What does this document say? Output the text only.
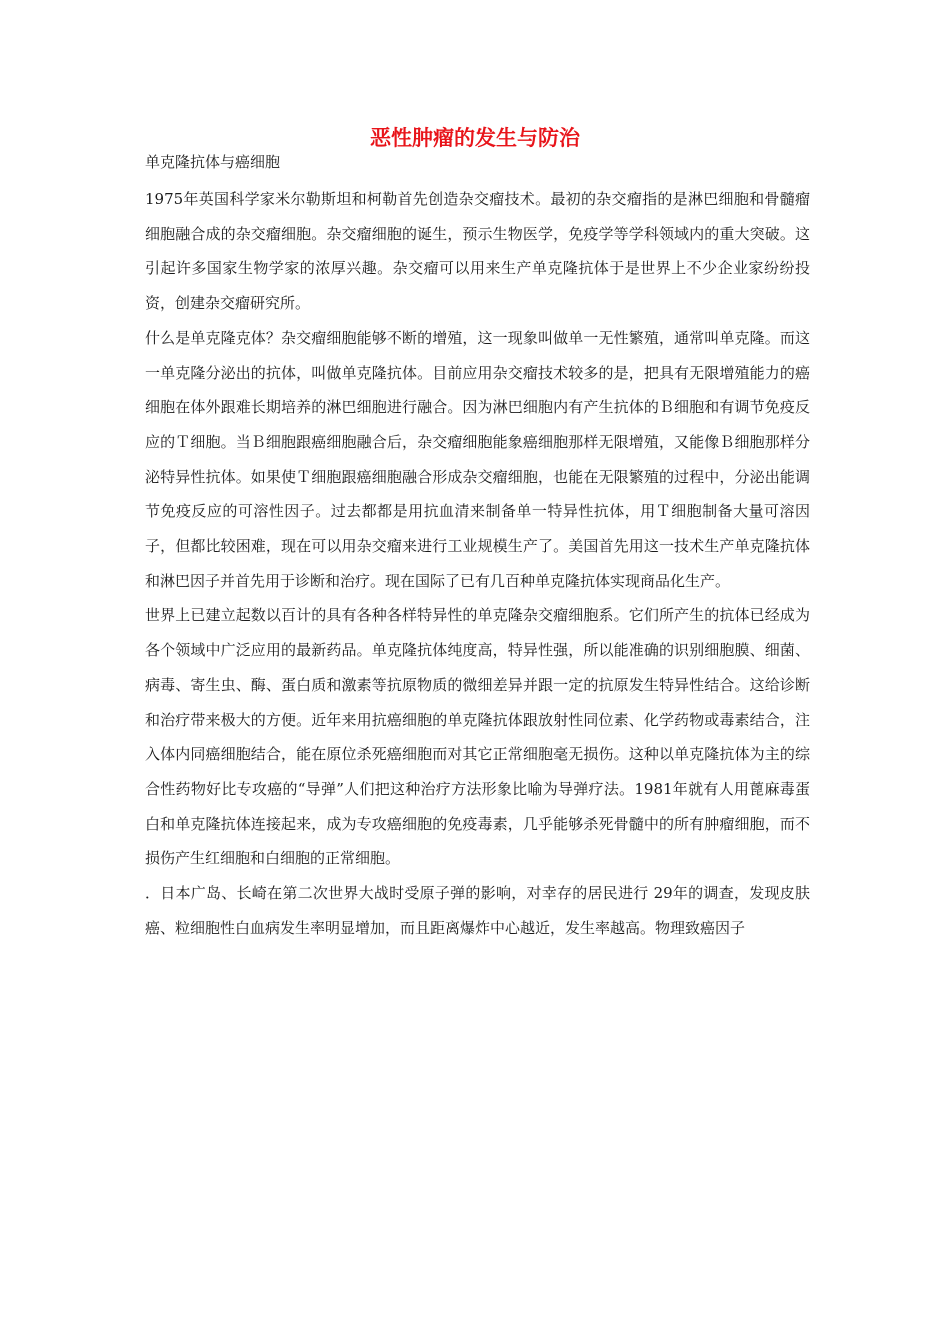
恶性肿瘤的发生与防治

单克隆抗体与癌细胞

1975年英国科学家米尔勒斯坦和柯勒首先创造杂交瘤技术。最初的杂交瘤指的是淋巴细胞和骨髓瘤细胞融合成的杂交瘤细胞。杂交瘤细胞的诞生，预示生物医学，免疫学等学科领域内的重大突破。这引起许多国家生物学家的浓厚兴趣。杂交瘤可以用来生产单克隆抗体于是世界上不少企业家纷纷投资，创建杂交瘤研究所。

什么是单克隆克体？杂交瘤细胞能够不断的增殖，这一现象叫做单一无性繁殖，通常叫单克隆。而这一单克隆分泌出的抗体，叫做单克隆抗体。目前应用杂交瘤技术较多的是，把具有无限增殖能力的癌细胞在体外跟难长期培养的淋巴细胞进行融合。因为淋巴细胞内有产生抗体的Ｂ细胞和有调节免疫反应的Ｔ细胞。当Ｂ细胞跟癌细胞融合后，杂交瘤细胞能象癌细胞那样无限增殖，又能像Ｂ细胞那样分泌特异性抗体。如果使Ｔ细胞跟癌细胞融合形成杂交瘤细胞，也能在无限繁殖的过程中，分泌出能调节免疫反应的可溶性因子。过去都都是用抗血清来制备单一特异性抗体，用Ｔ细胞制备大量可溶因子，但都比较困难，现在可以用杂交瘤来进行工业规模生产了。美国首先用这一技术生产单克隆抗体和淋巴因子并首先用于诊断和治疗。现在国际了已有几百种单克隆抗体实现商品化生产。

世界上已建立起数以百计的具有各种各样特异性的单克隆杂交瘤细胞系。它们所产生的抗体已经成为各个领域中广泛应用的最新药品。单克隆抗体纯度高，特异性强，所以能准确的识别细胞膜、细菌、病毒、寄生虫、酶、蛋白质和激素等抗原物质的微细差异并跟一定的抗原发生特异性结合。这给诊断和治疗带来极大的方便。近年来用抗癌细胞的单克隆抗体跟放射性同位素、化学药物或毒素结合，注入体内同癌细胞结合，能在原位杀死癌细胞而对其它正常细胞毫无损伤。这种以单克隆抗体为主的综合性药物好比专攻癌的“导弹”人们把这种治疗方法形象比喻为导弹疗法。1981年就有人用蓖麻毒蛋白和单克隆抗体连接起来，成为专攻癌细胞的免疫毒素，几乎能够杀死骨髓中的所有肿瘤细胞，而不损伤产生红细胞和白细胞的正常细胞。

．日本广岛、长崎在第二次世界大战时受原子弹的影响，对幸存的居民进行 29年的调查，发现皮肤癌、粒细胞性白血病发生率明显增加，而且距离爆炸中心越近，发生率越高。物理致癌因子
